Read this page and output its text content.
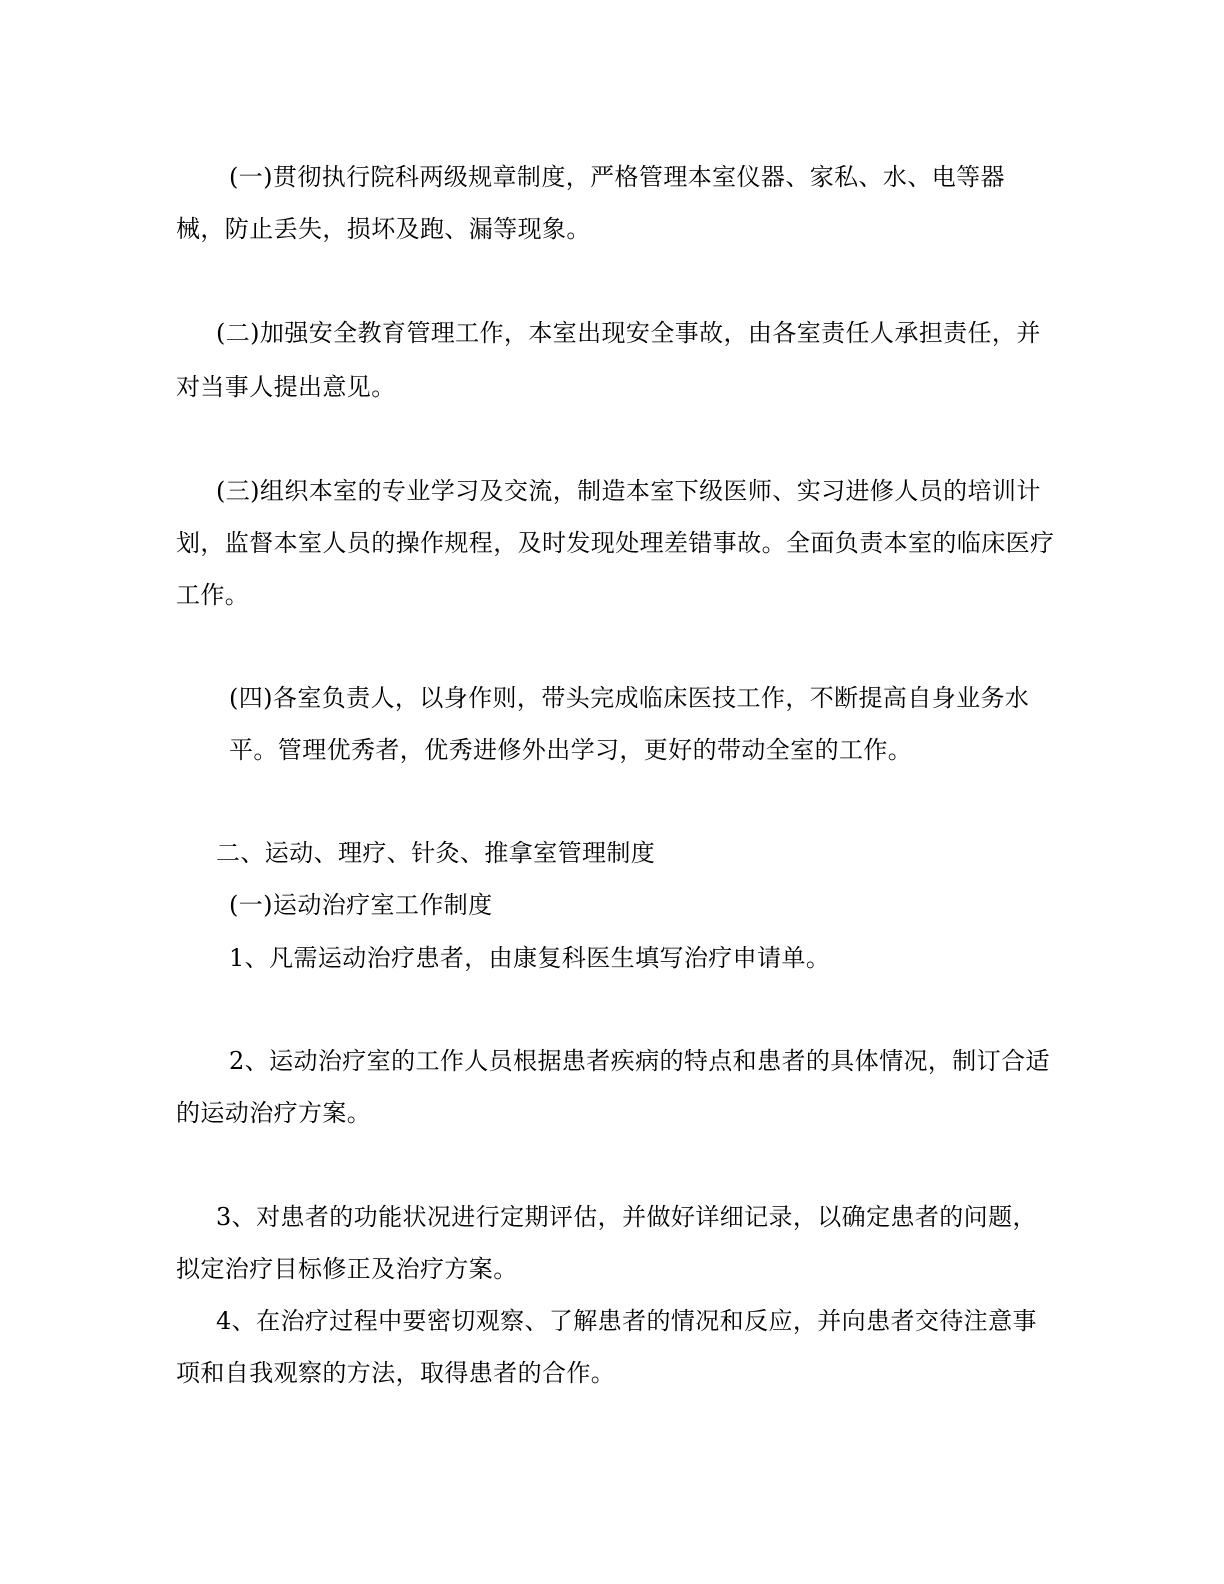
(一)贯彻执行院科两级规章制度，严格管理本室仪器、家私、水、电等器
械，防止丢失，损坏及跑、漏等现象。
(二)加强安全教育管理工作，本室出现安全事故，由各室责任人承担责任，并
对当事人提出意见。
(三)组织本室的专业学习及交流，制造本室下级医师、实习进修人员的培训计
划，监督本室人员的操作规程，及时发现处理差错事故。全面负责本室的临床医疗
工作。
(四)各室负责人，以身作则，带头完成临床医技工作，不断提高自身业务水
平。管理优秀者，优秀进修外出学习，更好的带动全室的工作。
二、运动、理疗、针灸、推拿室管理制度
(一)运动治疗室工作制度
1、凡需运动治疗患者，由康复科医生填写治疗申请单。
2、运动治疗室的工作人员根据患者疾病的特点和患者的具体情况，制订合适
的运动治疗方案。
3、对患者的功能状况进行定期评估，并做好详细记录，以确定患者的问题，
拟定治疗目标修正及治疗方案。
4、在治疗过程中要密切观察、了解患者的情况和反应，并向患者交待注意事
项和自我观察的方法，取得患者的合作。
